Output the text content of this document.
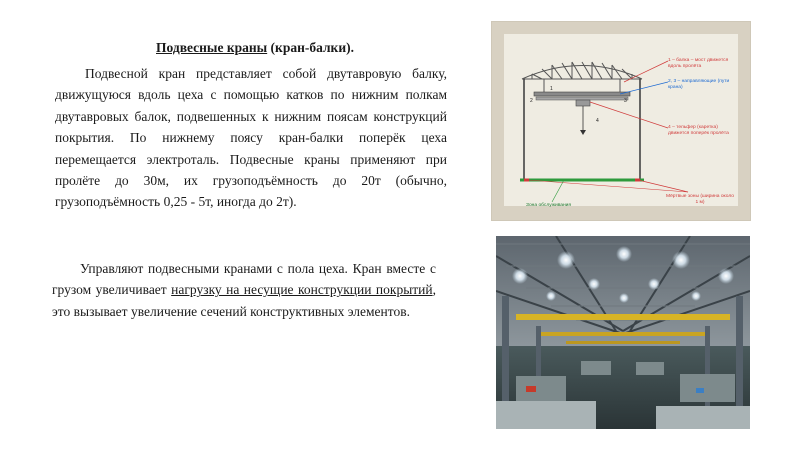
Подвесные краны (кран-балки).

Подвесной кран представляет собой двутавровую балку, движущуюся вдоль цеха с помощью катков по нижним полкам двутавровых балок, подвешенных к нижним поясам конструкций покрытия. По нижнему поясу кран-балки поперёк цеха перемещается электроталь. Подвесные краны применяют при пролёте до 30м, их грузоподъёмность до 20т (обычно, грузоподъёмность 0,25 - 5т, иногда до 2т).

Управляют подвесными кранами с пола цеха. Кран вместе с грузом увеличивает нагрузку на несущие конструкции покрытий, это вызывает увеличение сечений конструктивных элементов.

1
2	3
4
1 – балка – мост движется вдоль пролёта
2, 3 – направляющие (пути крана)
4 – тельфер (каретка) движется поперёк пролёта
Зона обслуживания
Мёртвые зоны (ширина около 1 м)
